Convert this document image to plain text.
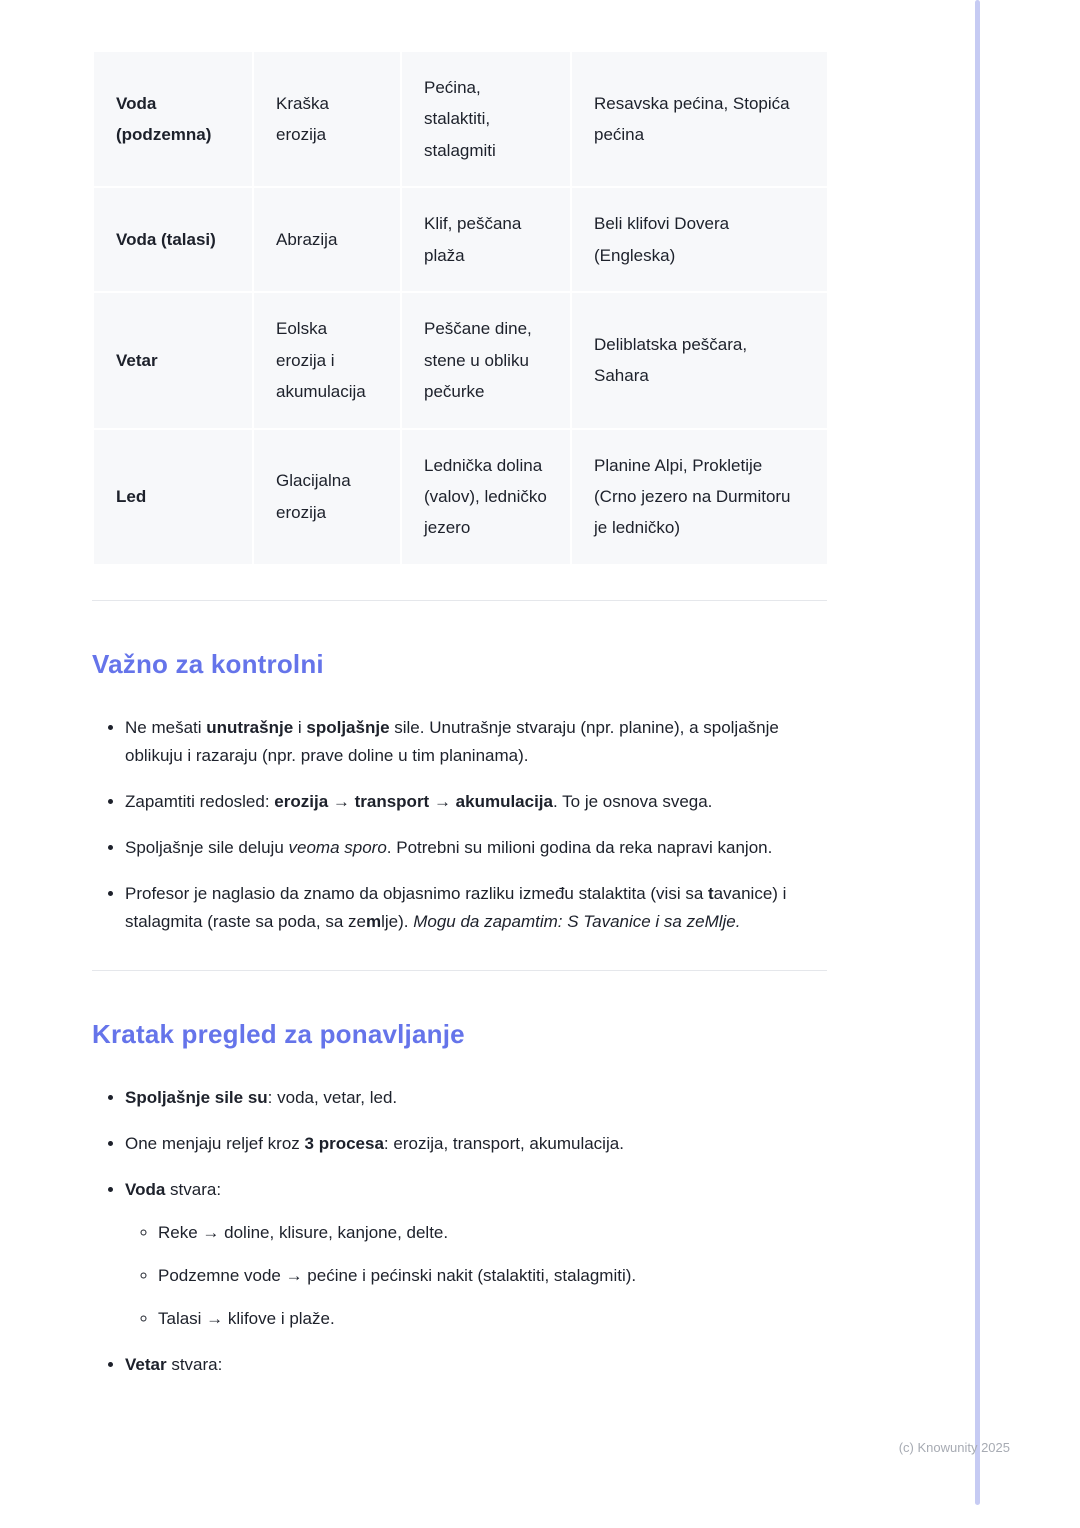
Voda (podzemna)	Kraška erozija	Pećina, stalaktiti, stalagmiti	Resavska pećina, Stopića pećina
Voda (talasi)	Abrazija	Klif, peščana plaža	Beli klifovi Dovera (Engleska)
Vetar	Eolska erozija i akumulacija	Peščane dine, stene u obliku pečurke	Deliblatska peščara, Sahara
Led	Glacijalna erozija	Lednička dolina (valov), ledničko jezero	Planine Alpi, Prokletije (Crno jezero na Durmitoru je ledničko)
Važno za kontrolni
• Ne mešati unutrašnje i spoljašnje sile. Unutrašnje stvaraju (npr. planine), a spoljašnje oblikuju i razaraju (npr. prave doline u tim planinama).
• Zapamtiti redosled: erozija → transport → akumulacija. To je osnova svega.
• Spoljašnje sile deluju veoma sporo. Potrebni su milioni godina da reka napravi kanjon.
• Profesor je naglasio da znamo da objasnimo razliku između stalaktita (visi sa tavanice) i stalagmita (raste sa poda, sa zemlje). Mogu da zapamtim: S Tavanice i sa zeMlje.
Kratak pregled za ponavljanje
• Spoljašnje sile su: voda, vetar, led.
• One menjaju reljef kroz 3 procesa: erozija, transport, akumulacija.
• Voda stvara:
◦ Reke → doline, klisure, kanjone, delte.
◦ Podzemne vode → pećine i pećinski nakit (stalaktiti, stalagmiti).
◦ Talasi → klifove i plaže.
• Vetar stvara:
(c) Knowunity 2025
